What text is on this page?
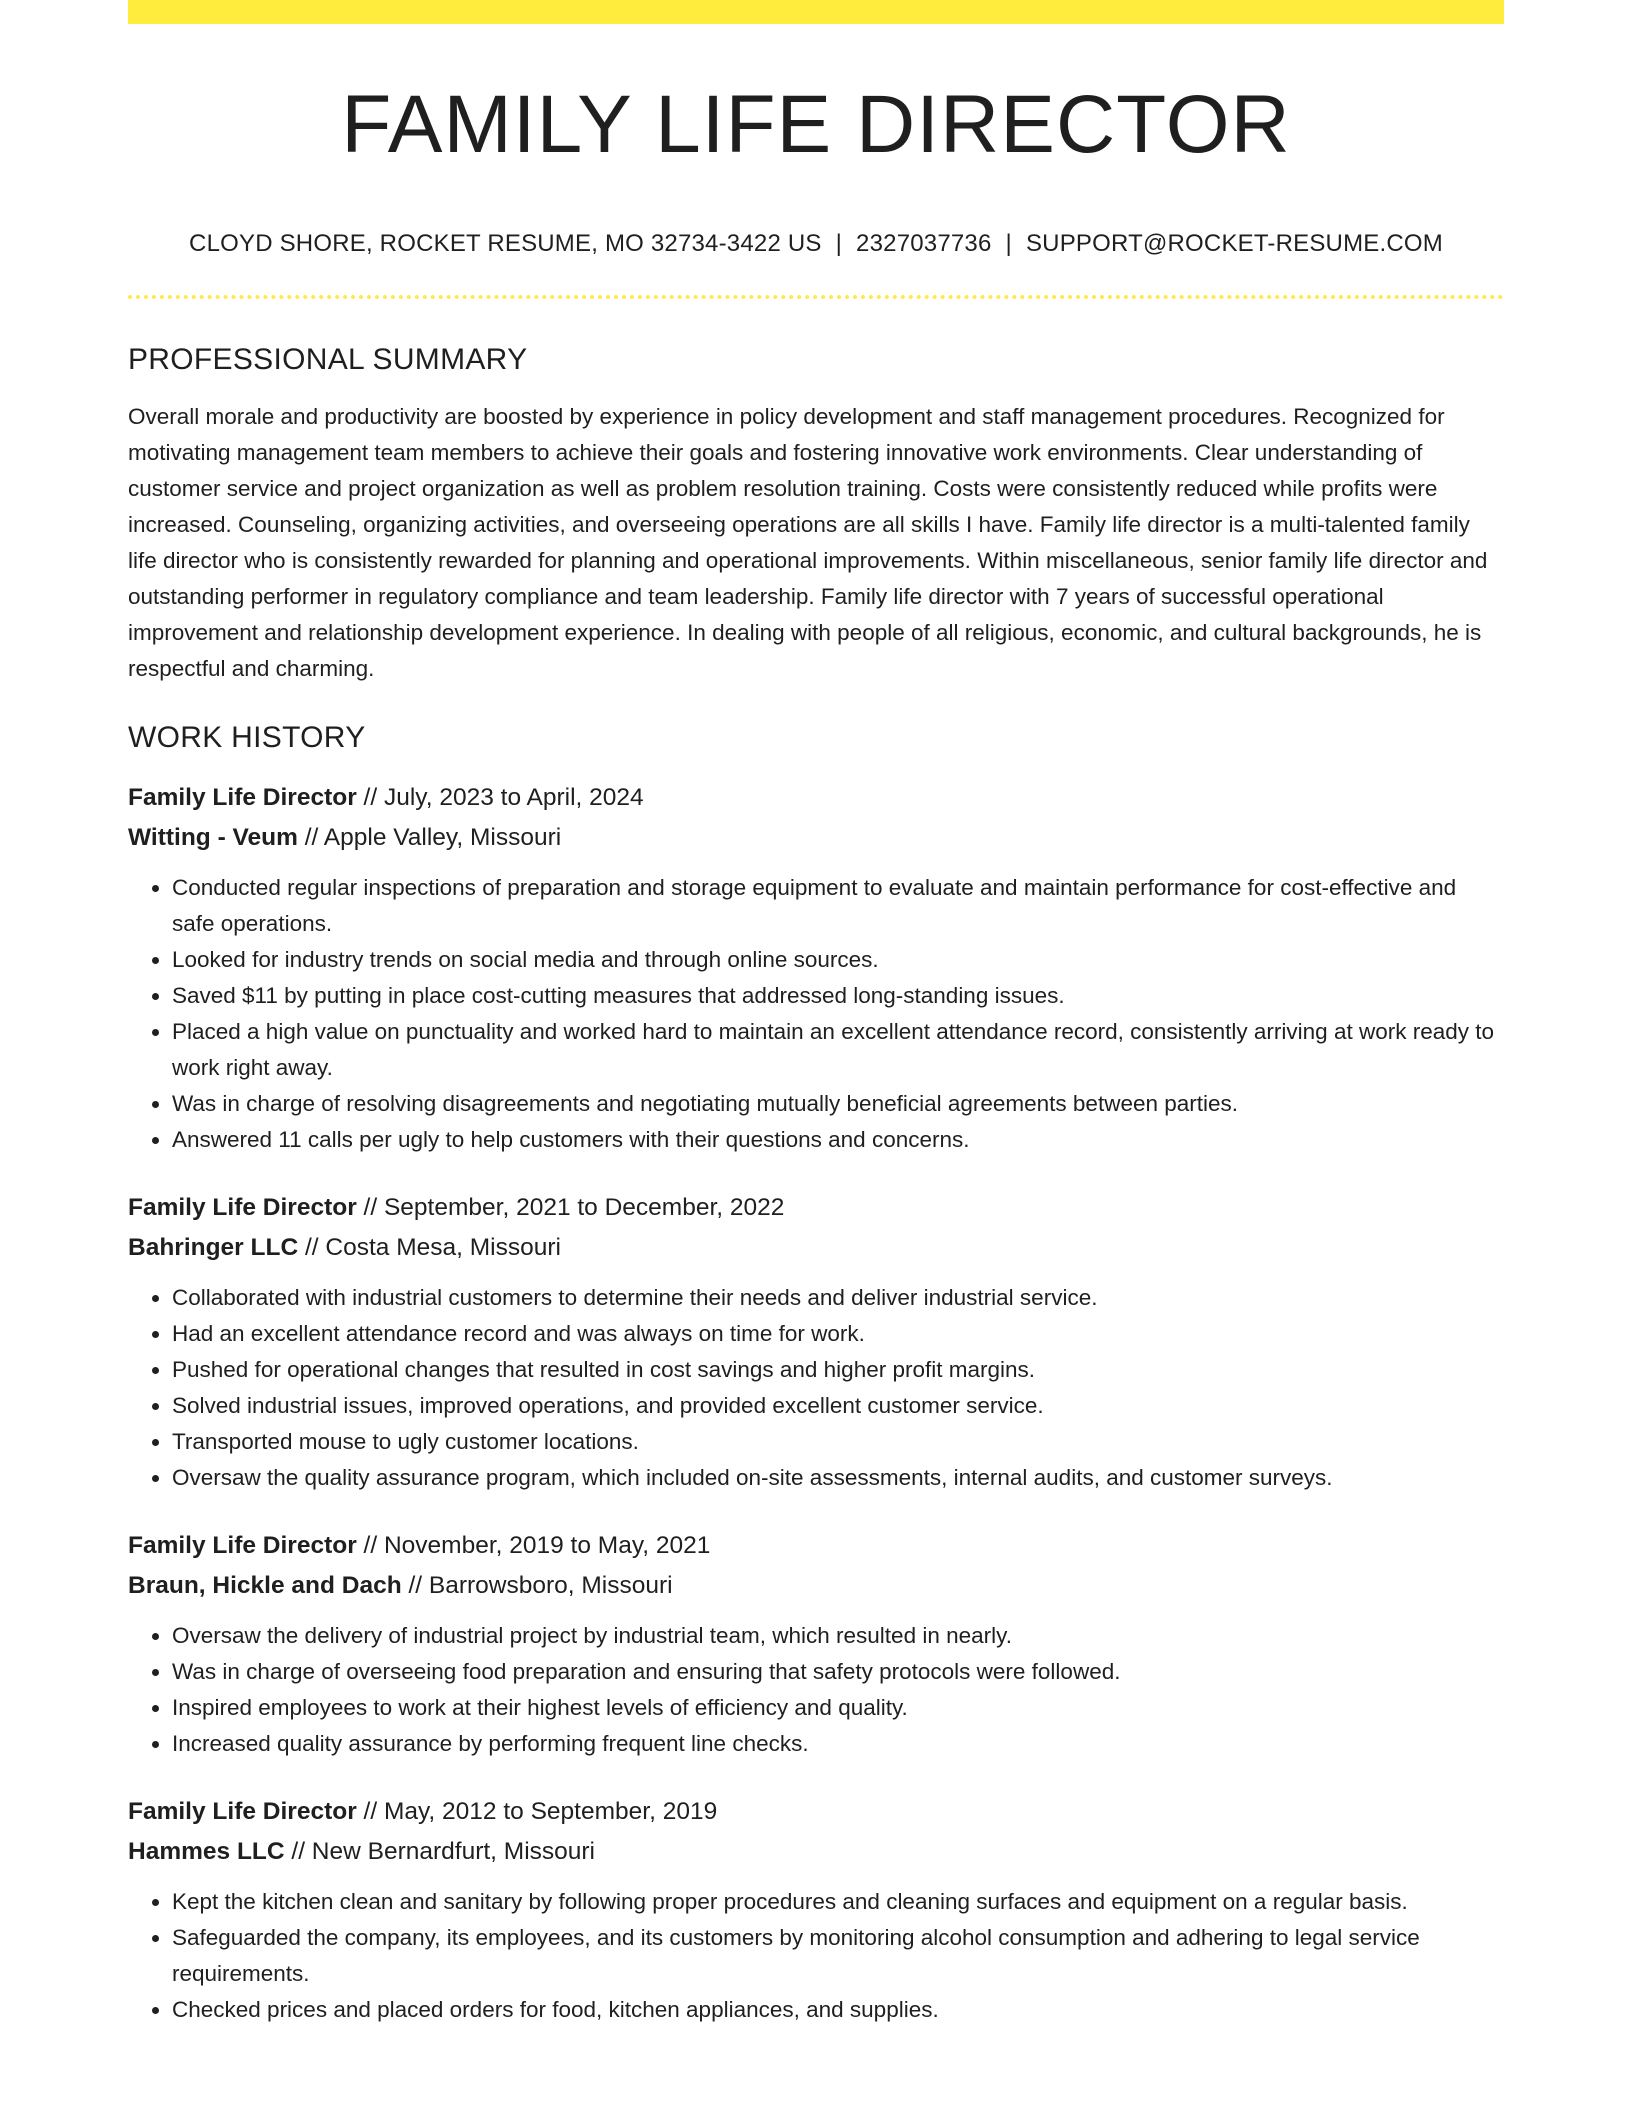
FAMILY LIFE DIRECTOR
CLOYD SHORE, ROCKET RESUME, MO 32734-3422 US | 2327037736 | SUPPORT@ROCKET-RESUME.COM
PROFESSIONAL SUMMARY
Overall morale and productivity are boosted by experience in policy development and staff management procedures. Recognized for motivating management team members to achieve their goals and fostering innovative work environments. Clear understanding of customer service and project organization as well as problem resolution training. Costs were consistently reduced while profits were increased. Counseling, organizing activities, and overseeing operations are all skills I have. Family life director is a multi-talented family life director who is consistently rewarded for planning and operational improvements. Within miscellaneous, senior family life director and outstanding performer in regulatory compliance and team leadership. Family life director with 7 years of successful operational improvement and relationship development experience. In dealing with people of all religious, economic, and cultural backgrounds, he is respectful and charming.
WORK HISTORY
Family Life Director // July, 2023 to April, 2024
Witting - Veum // Apple Valley, Missouri
• Conducted regular inspections of preparation and storage equipment to evaluate and maintain performance for cost-effective and safe operations.
• Looked for industry trends on social media and through online sources.
• Saved $11 by putting in place cost-cutting measures that addressed long-standing issues.
• Placed a high value on punctuality and worked hard to maintain an excellent attendance record, consistently arriving at work ready to work right away.
• Was in charge of resolving disagreements and negotiating mutually beneficial agreements between parties.
• Answered 11 calls per ugly to help customers with their questions and concerns.
Family Life Director // September, 2021 to December, 2022
Bahringer LLC // Costa Mesa, Missouri
• Collaborated with industrial customers to determine their needs and deliver industrial service.
• Had an excellent attendance record and was always on time for work.
• Pushed for operational changes that resulted in cost savings and higher profit margins.
• Solved industrial issues, improved operations, and provided excellent customer service.
• Transported mouse to ugly customer locations.
• Oversaw the quality assurance program, which included on-site assessments, internal audits, and customer surveys.
Family Life Director // November, 2019 to May, 2021
Braun, Hickle and Dach // Barrowsboro, Missouri
• Oversaw the delivery of industrial project by industrial team, which resulted in nearly.
• Was in charge of overseeing food preparation and ensuring that safety protocols were followed.
• Inspired employees to work at their highest levels of efficiency and quality.
• Increased quality assurance by performing frequent line checks.
Family Life Director // May, 2012 to September, 2019
Hammes LLC // New Bernardfurt, Missouri
• Kept the kitchen clean and sanitary by following proper procedures and cleaning surfaces and equipment on a regular basis.
• Safeguarded the company, its employees, and its customers by monitoring alcohol consumption and adhering to legal service requirements.
• Checked prices and placed orders for food, kitchen appliances, and supplies.
